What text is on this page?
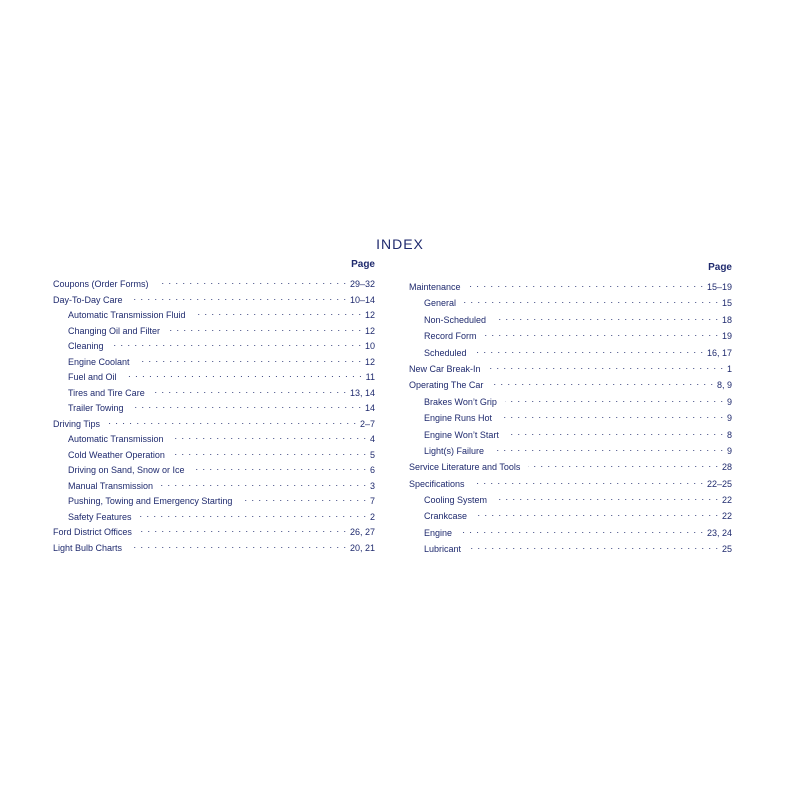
INDEX
Page
Coupons (Order Forms) . . .	29–32
Day-To-Day Care . . .	10–14
Automatic Transmission Fluid . . .	12
Changing Oil and Filter . . .	12
Cleaning . . .	10
Engine Coolant . . .	12
Fuel and Oil . . .	11
Tires and Tire Care . . .	13, 14
Trailer Towing . . .	14
Driving Tips . . .	2–7
Automatic Transmission . . .	4
Cold Weather Operation . . .	5
Driving on Sand, Snow or Ice . . .	6
Manual Transmission . . .	3
Pushing, Towing and Emergency Starting . . .	7
Safety Features . . .	2
Ford District Offices . . .	26, 27
Light Bulb Charts . . .	20, 21
Page
Maintenance . . .	15–19
General . . .	15
Non-Scheduled . . .	18
Record Form . . .	19
Scheduled . . .	16, 17
New Car Break-In . . .	1
Operating The Car . . .	8, 9
Brakes Won’t Grip . . .	9
Engine Runs Hot . . .	9
Engine Won’t Start . . .	8
Light(s) Failure . . .	9
Service Literature and Tools . . .	28
Specifications . . .	22–25
Cooling System . . .	22
Crankcase . . .	22
Engine . . .	23, 24
Lubricant . . .	25
